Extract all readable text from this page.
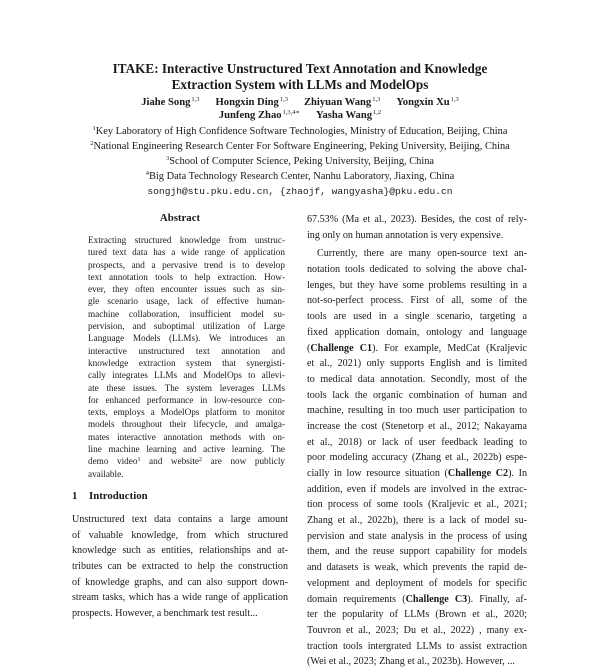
ITAKE: Interactive Unstructured Text Annotation and Knowledge
Extraction System with LLMs and ModelOps
Jiahe Song$^{1,3}$ Hongxin Ding$^{1,3}$ Zhiyuan Wang$^{1,3}$ Yongxin Xu$^{1,3}$
Junfeng Zhao$^{1,3,4∗}$ Yasha Wang$^{1,2}$
$^1$Key Laboratory of High Confidence Software Technologies, Ministry of Education, Beijing, China
$^2$National Engineering Research Center For Software Engineering, Peking University, Beijing, China
$^3$School of Computer Science, Peking University, Beijing, China
$^4$Big Data Technology Research Center, Nanhu Laboratory, Jiaxing, China
songjh@stu.pku.edu.cn, {zhaojf, wangyasha}@pku.edu.cn
Abstract
Extracting structured knowledge from unstruc-
tured text data has a wide range of application
prospects, and a pervasive trend is to develop
text annotation tools to help extraction. How-
ever, they often encounter issues such as sin-
gle scenario usage, lack of effective human-
machine collaboration, insufficient model su-
pervision, and suboptimal utilization of Large
Language Models (LLMs). We introduces an
interactive unstructured text annotation and
knowledge extraction system that synergisti-
cally integrates LLMs and ModelOps to allevi-
ate these issues. The system leverages LLMs
for enhanced performance in low-resource con-
texts, employs a ModelOps platform to monitor
models throughout their lifecycle, and amalga-
mates interactive annotation methods with on-
line machine learning and active learning. The
demo video$^1$ and website$^2$ are now publicly
available.
1 Introduction
Unstructured text data contains a large amount
of valuable knowledge, from which structured
knowledge such as entities, relationships and at-
tributes can be extracted to help the construction
of knowledge graphs, and can also support down-
stream tasks, which has a wide range of application
prospects. However, a benchmark test result...
67.53% (Ma et al., 2023). Besides, the cost of rely-
ing only on human annotation is very expensive.
Currently, there are many open-source text an-
notation tools dedicated to solving the above chal-
lenges, but they have some problems resulting in a
not-so-perfect process. First of all, some of the
tools are used in a single scenario, targeting a
fixed application domain, ontology and language
(Challenge C1). For example, MedCat (Kraljevic
et al., 2021) only supports English and is limited
to medical data annotation. Secondly, most of the
tools lack the organic combination of human and
machine, resulting in too much user participation to
increase the cost (Stenetorp et al., 2012; Nakayama
et al., 2018) or lack of user feedback leading to
poor modeling accuracy (Zhang et al., 2022b) espe-
cially in low resource situation (Challenge C2). In
addition, even if models are involved in the extrac-
tion process of some tools (Kraljevic et al., 2021;
Zhang et al., 2022b), there is a lack of model su-
pervision and state analysis in the process of using
them, and the reuse support capability for models
and datasets is weak, which prevents the rapid de-
velopment and deployment of models for specific
domain requirements (Challenge C3). Finally, af-
ter the popularity of LLMs (Brown et al., 2020;
Touvron et al., 2023; Du et al., 2022) , many ex-
traction tools intergrated LLMs to assist extraction
(Wei et al., 2023; Zhang et al., 2023b). However, ...
